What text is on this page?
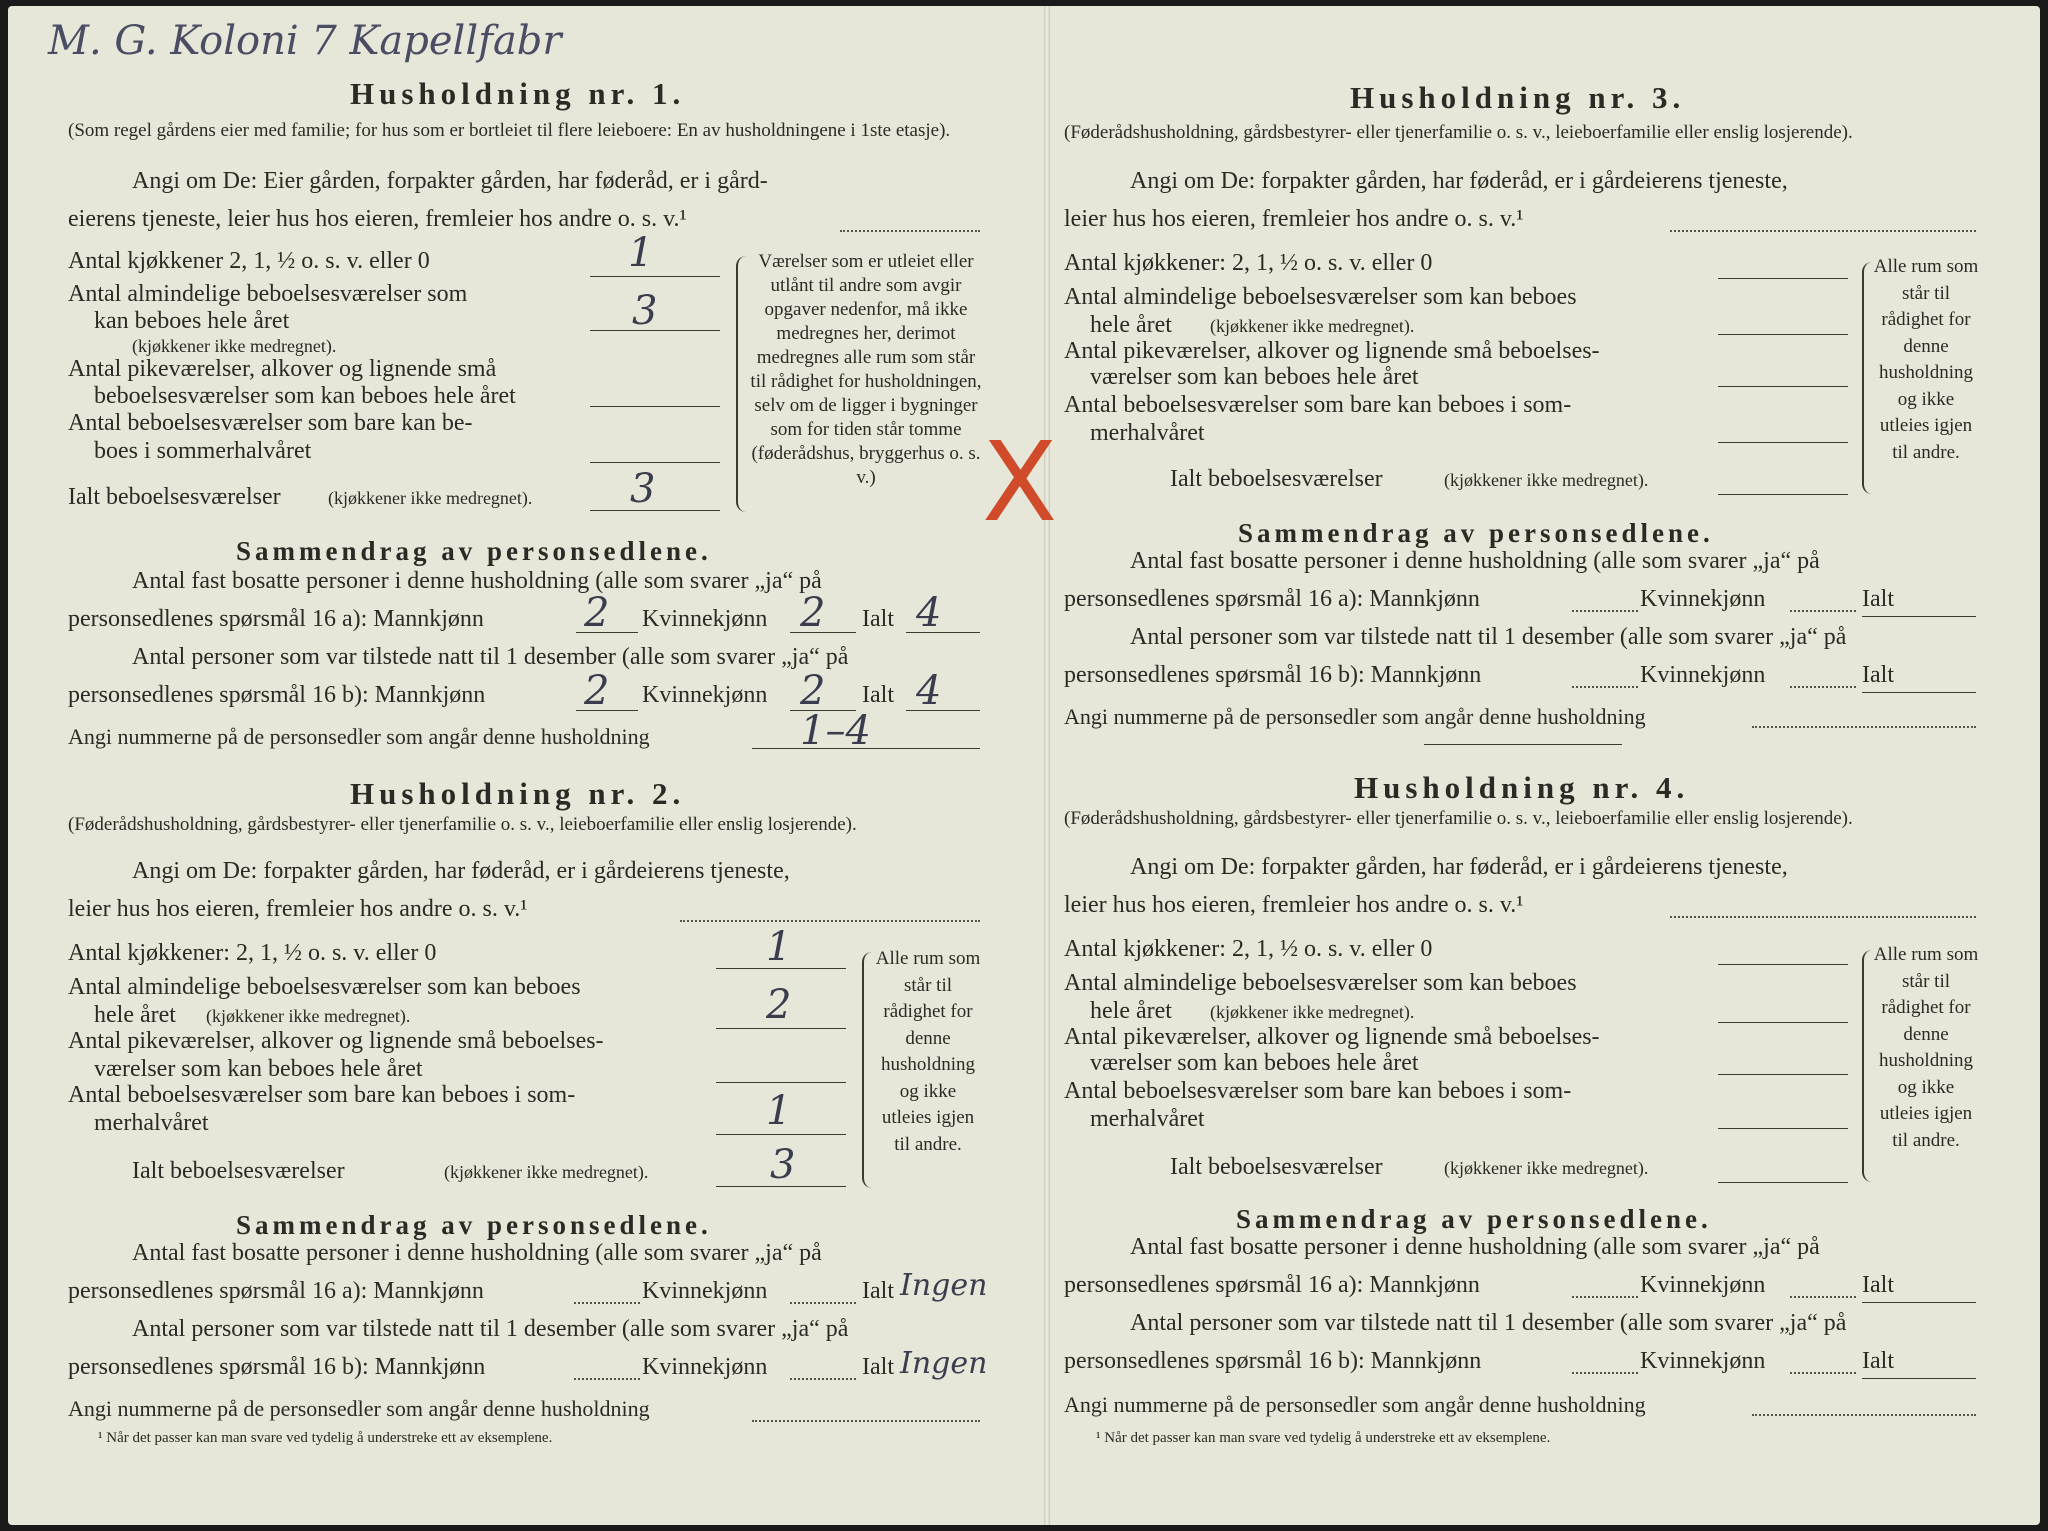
M. G. Koloni 7 Kapellfabr
Husholdning nr. 1.
(Som regel gårdens eier med familie; for hus som er bortleiet til flere leieboere: En av husholdningene i 1ste etasje).
Angi om De: Eier gården, forpakter gården, har føderåd, er i gård-
eierens tjeneste, leier hus hos eieren, fremleier hos andre o. s. v.¹
Antal kjøkkener 2, 1, ½ o. s. v. eller 0	1
Antal almindelige beboelsesværelser som
kan beboes hele året
(kjøkkener ikke medregnet).
3
Antal pikeværelser, alkover og lignende små
beboelsesværelser som kan beboes hele året
Antal beboelsesværelser som bare kan be-
boes i sommerhalvåret
Ialt beboelsesværelser	(kjøkkener ikke medregnet). 3
Værelser som er utleiet eller utlånt til andre som avgir opgaver nedenfor, må ikke medregnes her, derimot medregnes alle rum som står til rådighet for husholdningen, selv om de ligger i bygninger som for tiden står tomme (føderådshus, bryggerhus o. s. v.) X
Sammendrag av personsedlene.
Antal fast bosatte personer i denne husholdning (alle som svarer „ja“ på
personsedlenes spørsmål 16 a): Mannkjønn	2 Kvinnekjønn 2 Ialt 4
Antal personer som var tilstede natt til 1 desember (alle som svarer „ja“ på
personsedlenes spørsmål 16 b): Mannkjønn 2 Kvinnekjønn 2 Ialt 4
Angi nummerne på de personsedler som angår denne husholdning	1–4
Husholdning nr. 2.
(Føderådshusholdning, gårdsbestyrer- eller tjenerfamilie o. s. v., leieboerfamilie eller enslig losjerende).
Angi om De: forpakter gården, har føderåd, er i gårdeierens tjeneste,
leier hus hos eieren, fremleier hos andre o. s. v.¹
Antal kjøkkener: 2, 1, ½ o. s. v. eller 0	1
Antal almindelige beboelsesværelser som kan beboes
hele året (kjøkkener ikke medregnet).	2
Antal pikeværelser, alkover og lignende små beboelses-
værelser som kan beboes hele året
Antal beboelsesværelser som bare kan beboes i som-
merhalvåret	1
Ialt beboelsesværelser	(kjøkkener ikke medregnet).	3
Alle rum som står til rådighet for denne husholdning og ikke utleies igjen til andre.
Sammendrag av personsedlene.
Antal fast bosatte personer i denne husholdning (alle som svarer „ja“ på
personsedlenes spørsmål 16 a): Mannkjønn	Kvinnekjønn	Ialt Ingen
Antal personer som var tilstede natt til 1 desember (alle som svarer „ja“ på
personsedlenes spørsmål 16 b): Mannkjønn	Kvinnekjønn	Ialt Ingen
Angi nummerne på de personsedler som angår denne husholdning
¹ Når det passer kan man svare ved tydelig å understreke ett av eksemplene.
Husholdning nr. 3.
(Føderådshusholdning, gårdsbestyrer- eller tjenerfamilie o. s. v., leieboerfamilie eller enslig losjerende).
Angi om De: forpakter gården, har føderåd, er i gårdeierens tjeneste,
leier hus hos eieren, fremleier hos andre o. s. v.¹
Antal kjøkkener: 2, 1, ½ o. s. v. eller 0
Antal almindelige beboelsesværelser som kan beboes
hele året (kjøkkener ikke medregnet).
Antal pikeværelser, alkover og lignende små beboelses-
værelser som kan beboes hele året
Antal beboelsesværelser som bare kan beboes i som-
merhalvåret
Ialt beboelsesværelser	(kjøkkener ikke medregnet).
Alle rum som står til rådighet for denne husholdning og ikke utleies igjen til andre.
Sammendrag av personsedlene.
Antal fast bosatte personer i denne husholdning (alle som svarer „ja“ på
personsedlenes spørsmål 16 a): Mannkjønn	Kvinnekjønn	Ialt
Antal personer som var tilstede natt til 1 desember (alle som svarer „ja“ på
personsedlenes spørsmål 16 b): Mannkjønn	Kvinnekjønn	Ialt
Angi nummerne på de personsedler som angår denne husholdning
Husholdning nr. 4.
(Føderådshusholdning, gårdsbestyrer- eller tjenerfamilie o. s. v., leieboerfamilie eller enslig losjerende).
Angi om De: forpakter gården, har føderåd, er i gårdeierens tjeneste,
leier hus hos eieren, fremleier hos andre o. s. v.¹
Antal kjøkkener: 2, 1, ½ o. s. v. eller 0
Antal almindelige beboelsesværelser som kan beboes
hele året (kjøkkener ikke medregnet).
Antal pikeværelser, alkover og lignende små beboelses-
værelser som kan beboes hele året
Antal beboelsesværelser som bare kan beboes i som-
merhalvåret
Ialt beboelsesværelser	(kjøkkener ikke medregnet).
Alle rum som står til rådighet for denne husholdning og ikke utleies igjen til andre.
Sammendrag av personsedlene.
Antal fast bosatte personer i denne husholdning (alle som svarer „ja“ på
personsedlenes spørsmål 16 a): Mannkjønn	Kvinnekjønn	Ialt
Antal personer som var tilstede natt til 1 desember (alle som svarer „ja“ på
personsedlenes spørsmål 16 b): Mannkjønn	Kvinnekjønn	Ialt
Angi nummerne på de personsedler som angår denne husholdning
¹ Når det passer kan man svare ved tydelig å understreke ett av eksemplene.
